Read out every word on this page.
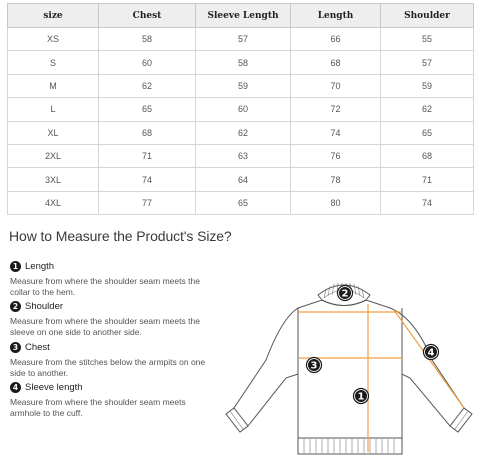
size	Chest	Sleeve Length	Length	Shoulder
XS	58	57	66	55
S	60	58	68	57
M	62	59	70	59
L	65	60	72	62
XL	68	62	74	65
2XL	71	63	76	68
3XL	74	64	78	71
4XL	77	65	80	74
How to Measure the Product's Size?
1 Length
Measure from where the shoulder seam meets the
collar to the hem.
2 Shoulder
Measure from where the shoulder seam meets the
sleeve on one side to another side.
3 Chest
Measure from the stitches below the armpits on one
side to another.
4 Sleeve length
Measure from where the shoulder seam meets
armhole to the cuff.
2
3
1
4
